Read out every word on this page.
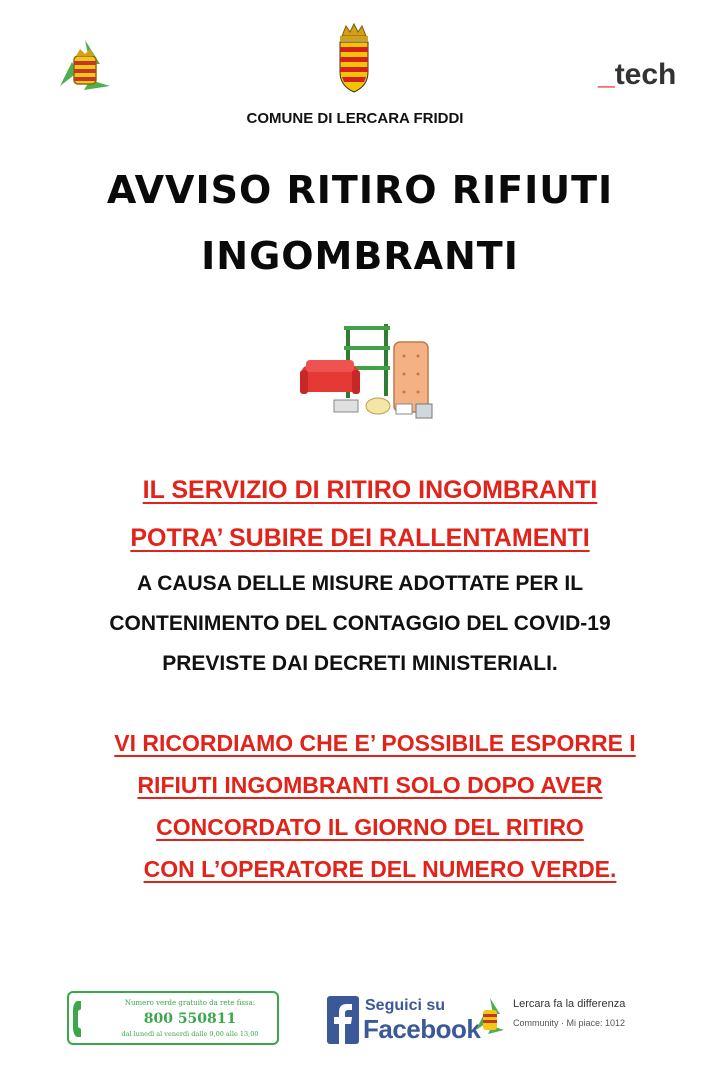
_tech
COMUNE DI LERCARA FRIDDI
AVVISO RITIRO RIFIUTI
INGOMBRANTI
IL SERVIZIO DI RITIRO INGOMBRANTI
POTRA’ SUBIRE DEI RALLENTAMENTI
A CAUSA DELLE MISURE ADOTTATE PER IL
CONTENIMENTO DEL CONTAGGIO DEL COVID-19
PREVISTE DAI DECRETI MINISTERIALI.
VI RICORDIAMO CHE E’ POSSIBILE ESPORRE I
RIFIUTI INGOMBRANTI SOLO DOPO AVER
CONCORDATO IL GIORNO DEL RITIRO
CON L’OPERATORE DEL NUMERO VERDE.
Numero verde gratuito da rete fissa:
800 550811
dal lunedì al venerdì dalle 9,00 alle 13,00
Seguici su
Facebook
Lercara fa la differenza
Community · Mi piace: 1012
